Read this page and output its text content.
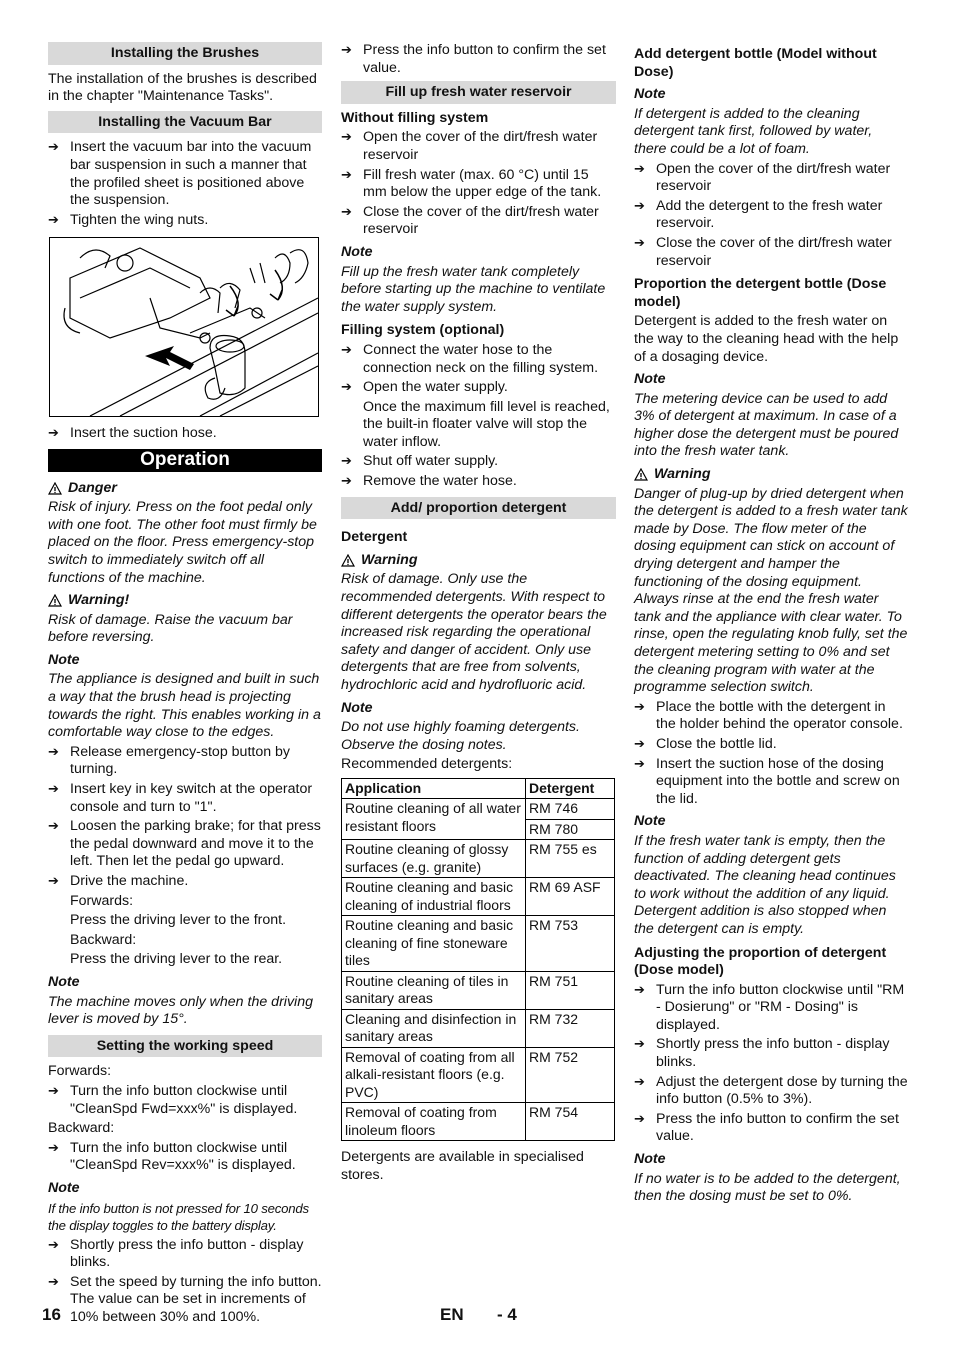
Installing the Brushes

The installation of the brushes is described in the chapter "Maintenance Tasks".

Installing the Vacuum Bar
➔ Insert the vacuum bar into the vacuum bar suspension in such a manner that the profiled sheet is positioned above the suspension.
➔ Tighten the wing nuts.
➔ Insert the suction hose.
Operation
Danger

Risk of injury. Press on the foot pedal only with one foot. The other foot must firmly be placed on the floor. Press emergency-stop switch to immediately switch off all functions of the machine.

Warning!

Risk of damage. Raise the vacuum bar before reversing.

Note

The appliance is designed and built in such a way that the brush head is projecting towards the right. This enables working in a comfortable way close to the edges.

➔ Release emergency-stop button by turning.
➔ Insert key in key switch at the operator console and turn to "1".
➔ Loosen the parking brake; for that press the pedal downward and move it to the left. Then let the pedal go upward.
➔ Drive the machine.

Forwards:

Press the driving lever to the front.

Backward:

Press the driving lever to the rear.

Note

The machine moves only when the driving lever is moved by 15°.

Setting the working speed

Forwards:

➔ Turn the info button clockwise until "CleanSpd Fwd=xxx%" is displayed.

Backward:

➔ Turn the info button clockwise until "CleanSpd Rev=xxx%" is displayed.
Note

If the info button is not pressed for 10 seconds the display toggles to the battery display.

➔ Shortly press the info button - display blinks.
➔ Set the speed by turning the info button. The value can be set in increments of 10% between 30% and 100%.
➔ Press the info button to confirm the set value.
Fill up fresh water reservoir
Without filling system
➔ Open the cover of the dirt/fresh water reservoir
➔ Fill fresh water (max. 60 °C) until 15 mm below the upper edge of the tank.
➔ Close the cover of the dirt/fresh water reservoir
Note

Fill up the fresh water tank completely before starting up the machine to ventilate the water supply system.

Filling system (optional)
➔ Connect the water hose to the connection neck on the filling system.
➔ Open the water supply.

Once the maximum fill level is reached, the built-in floater valve will stop the water inflow.

➔ Shut off water supply.
➔ Remove the water hose.
Add/ proportion detergent
Detergent
Warning

Risk of damage. Only use the recommended detergents. With respect to different detergents the operator bears the increased risk regarding the operational safety and danger of accident. Only use detergents that are free from solvents, hydrochloric acid and hydrofluoric acid.

Note

Do not use highly foaming detergents. Observe the dosing notes.

Recommended detergents:

Application	Detergent
Routine cleaning of all water resistant floors	RM 746
	RM 780
Routine cleaning of glossy surfaces (e.g. granite)	RM 755 es
Routine cleaning and basic cleaning of industrial floors	RM 69 ASF
Routine cleaning and basic cleaning of fine stoneware tiles	RM 753
Routine cleaning of tiles in sanitary areas	RM 751
Cleaning and disinfection in sanitary areas	RM 732
Removal of coating from all alkali-resistant floors (e.g. PVC)	RM 752
Removal of coating from linoleum floors	RM 754

Detergents are available in specialised stores.

Add detergent bottle (Model without Dose)
Note

If detergent is added to the cleaning detergent tank first, followed by water, there could be a lot of foam.

➔ Open the cover of the dirt/fresh water reservoir
➔ Add the detergent to the fresh water reservoir.
➔ Close the cover of the dirt/fresh water reservoir
Proportion the detergent bottle (Dose model)

Detergent is added to the fresh water on the way to the cleaning head with the help of a dosaging device.

Note

The metering device can be used to add 3% of detergent at maximum. In case of a higher dose the detergent must be poured into the fresh water tank.

Warning

Danger of plug-up by dried detergent when the detergent is added to a fresh water tank made by Dose. The flow meter of the dosing equipment can stick on account of drying detergent and hamper the functioning of the dosing equipment. Always rinse at the end the fresh water tank and the appliance with clear water. To rinse, open the regulating knob fully, set the detergent metering setting to 0% and set the cleaning program with water at the programme selection switch.

➔ Place the bottle with the detergent in the holder behind the operator console.
➔ Close the bottle lid.
➔ Insert the suction hose of the dosing equipment into the bottle and screw on the lid.
Note

If the fresh water tank is empty, then the function of adding detergent gets deactivated. The cleaning head continues to work without the addition of any liquid. Detergent addition is also stopped when the detergent can is empty.

Adjusting the proportion of detergent (Dose model)
➔ Turn the info button clockwise until "RM - Dosierung" or "RM - Dosing" is displayed.
➔ Shortly press the info button - display blinks.
➔ Adjust the detergent dose by turning the info button (0.5% to 3%).
➔ Press the info button to confirm the set value.
Note

If no water is to be added to the detergent, then the dosing must be set to 0%.

16	EN - 4
